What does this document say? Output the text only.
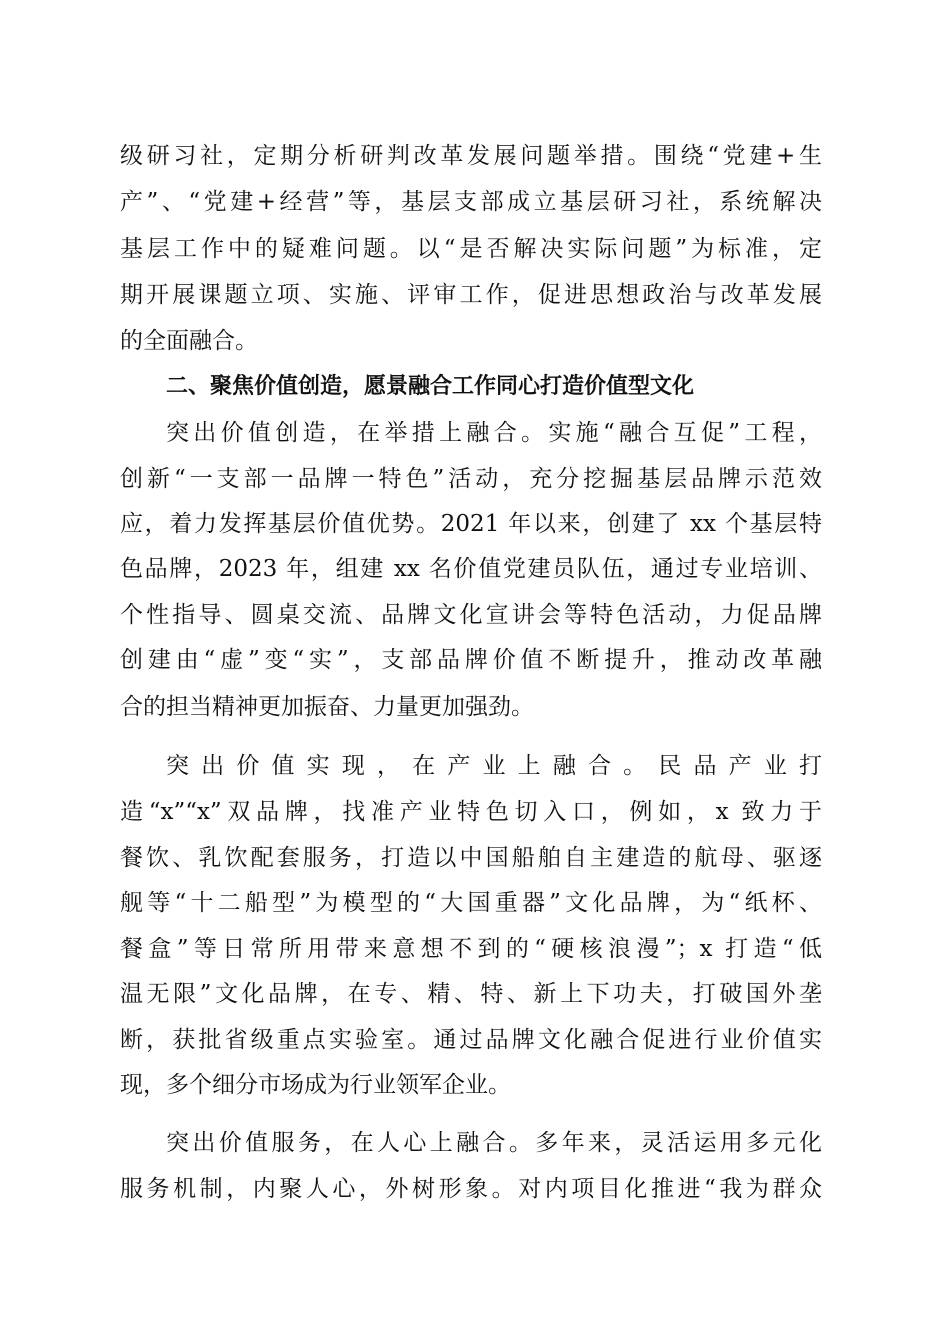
级研习社，定期分析研判改革发展问题举措。围绕“党建+生
产”、“党建+经营”等，基层支部成立基层研习社，系统解决
基层工作中的疑难问题。以“是否解决实际问题”为标准，定
期开展课题立项、实施、评审工作，促进思想政治与改革发展
的全面融合。
二、聚焦价值创造，愿景融合工作同心打造价值型文化
突出价值创造，在举措上融合。实施“融合互促”工程，
创新“一支部一品牌一特色”活动，充分挖掘基层品牌示范效
应，着力发挥基层价值优势。2021 年以来，创建了 xx 个基层特
色品牌，2023 年，组建 xx 名价值党建员队伍，通过专业培训、
个性指导、圆桌交流、品牌文化宣讲会等特色活动，力促品牌
创建由“虚”变“实”，支部品牌价值不断提升，推动改革融
合的担当精神更加振奋、力量更加强劲。
突出价值实现，在产业上融合。民品产业打
造“x”“x”双品牌，找准产业特色切入口，例如，x 致力于
餐饮、乳饮配套服务，打造以中国船舶自主建造的航母、驱逐
舰等“十二船型”为模型的“大国重器”文化品牌，为“纸杯、
餐盒”等日常所用带来意想不到的“硬核浪漫”；x 打造“低
温无限”文化品牌，在专、精、特、新上下功夫，打破国外垄
断，获批省级重点实验室。通过品牌文化融合促进行业价值实
现，多个细分市场成为行业领军企业。
突出价值服务，在人心上融合。多年来，灵活运用多元化
服务机制，内聚人心，外树形象。对内项目化推进“我为群众
